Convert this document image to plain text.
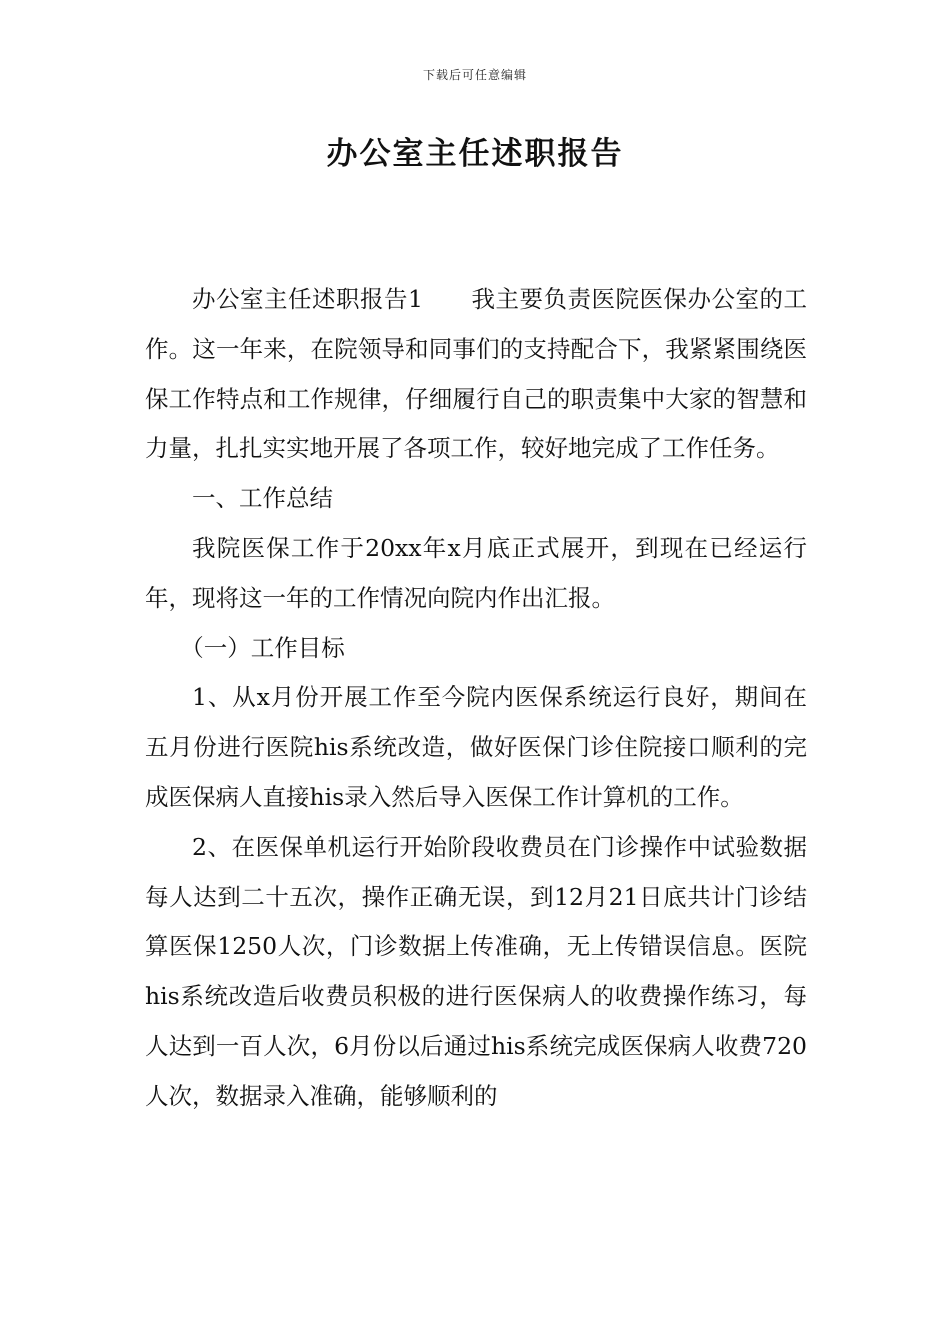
下载后可任意编辑
办公室主任述职报告

办公室主任述职报告1　　我主要负责医院医保办公室的工作。这一年来，在院领导和同事们的支持配合下，我紧紧围绕医保工作特点和工作规律，仔细履行自己的职责集中大家的智慧和力量，扎扎实实地开展了各项工作，较好地完成了工作任务。

一、工作总结

我院医保工作于20xx年x月底正式展开，到现在已经运行年，现将这一年的工作情况向院内作出汇报。

（一）工作目标

1、从x月份开展工作至今院内医保系统运行良好，期间在五月份进行医院his系统改造，做好医保门诊住院接口顺利的完成医保病人直接his录入然后导入医保工作计算机的工作。

2、在医保单机运行开始阶段收费员在门诊操作中试验数据每人达到二十五次，操作正确无误，到12月21日底共计门诊结算医保1250人次，门诊数据上传准确，无上传错误信息。医院his系统改造后收费员积极的进行医保病人的收费操作练习，每人达到一百人次，6月份以后通过his系统完成医保病人收费720人次，数据录入准确，能够顺利的
